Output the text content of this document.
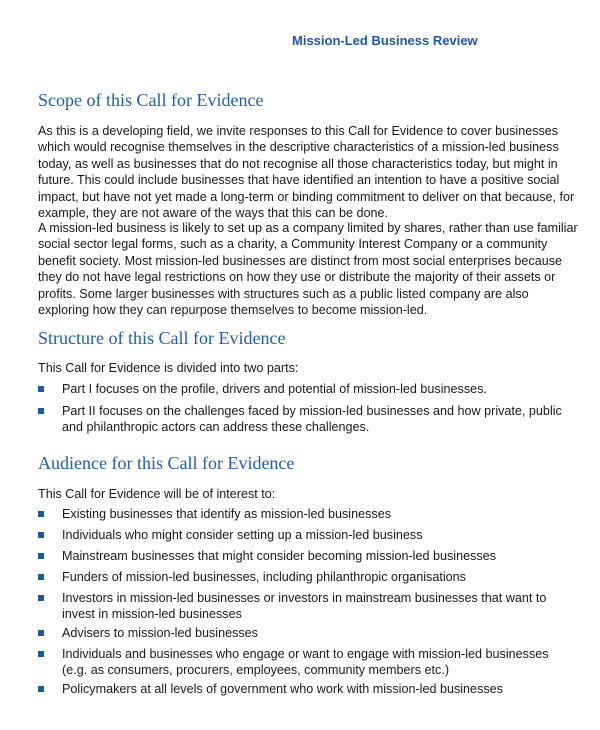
Mission-Led Business Review
Scope of this Call for Evidence
As this is a developing field, we invite responses to this Call for Evidence to cover businesses
which would recognise themselves in the descriptive characteristics of a mission-led business
today, as well as businesses that do not recognise all those characteristics today, but might in
future. This could include businesses that have identified an intention to have a positive social
impact, but have not yet made a long-term or binding commitment to deliver on that because, for
example, they are not aware of the ways that this can be done.
A mission-led business is likely to set up as a company limited by shares, rather than use familiar
social sector legal forms, such as a charity, a Community Interest Company or a community
benefit society. Most mission-led businesses are distinct from most social enterprises because
they do not have legal restrictions on how they use or distribute the majority of their assets or
profits. Some larger businesses with structures such as a public listed company are also
exploring how they can repurpose themselves to become mission-led.
Structure of this Call for Evidence
This Call for Evidence is divided into two parts:
Part I focuses on the profile, drivers and potential of mission-led businesses.
Part II focuses on the challenges faced by mission-led businesses and how private, public
and philanthropic actors can address these challenges.
Audience for this Call for Evidence
This Call for Evidence will be of interest to:
Existing businesses that identify as mission-led businesses
Individuals who might consider setting up a mission-led business
Mainstream businesses that might consider becoming mission-led businesses
Funders of mission-led businesses, including philanthropic organisations
Investors in mission-led businesses or investors in mainstream businesses that want to
invest in mission-led businesses
Advisers to mission-led businesses
Individuals and businesses who engage or want to engage with mission-led businesses
(e.g. as consumers, procurers, employees, community members etc.)
Policymakers at all levels of government who work with mission-led businesses
